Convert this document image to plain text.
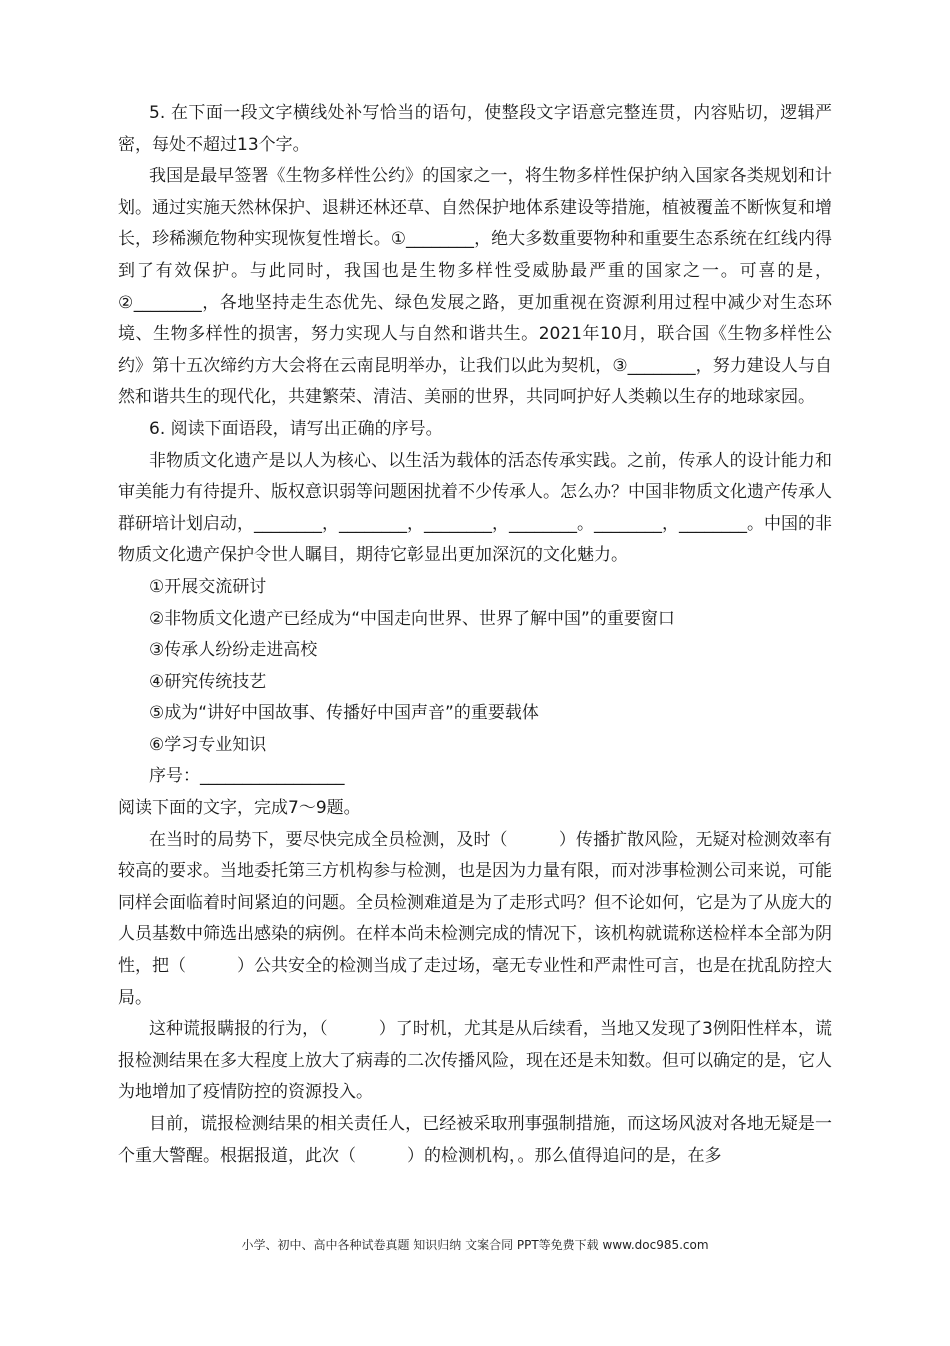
5. 在下面一段文字横线处补写恰当的语句，使整段文字语意完整连贯，内容贴切，逻辑严密，每处不超过13个字。

我国是最早签署《生物多样性公约》的国家之一，将生物多样性保护纳入国家各类规划和计划。通过实施天然林保护、退耕还林还草、自然保护地体系建设等措施，植被覆盖不断恢复和增长，珍稀濒危物种实现恢复性增长。①________，绝大多数重要物种和重要生态系统在红线内得到了有效保护。与此同时，我国也是生物多样性受威胁最严重的国家之一。可喜的是，②________，各地坚持走生态优先、绿色发展之路，更加重视在资源利用过程中减少对生态环境、生物多样性的损害，努力实现人与自然和谐共生。2021年10月，联合国《生物多样性公约》第十五次缔约方大会将在云南昆明举办，让我们以此为契机，③________，努力建设人与自然和谐共生的现代化，共建繁荣、清洁、美丽的世界，共同呵护好人类赖以生存的地球家园。

6. 阅读下面语段，请写出正确的序号。

非物质文化遗产是以人为核心、以生活为载体的活态传承实践。之前，传承人的设计能力和审美能力有待提升、版权意识弱等问题困扰着不少传承人。怎么办？中国非物质文化遗产传承人群研培计划启动，________，________，________，________。________，________。中国的非物质文化遗产保护令世人瞩目，期待它彰显出更加深沉的文化魅力。

①开展交流研讨

②非物质文化遗产已经成为“中国走向世界、世界了解中国”的重要窗口

③传承人纷纷走进高校

④研究传统技艺

⑤成为“讲好中国故事、传播好中国声音”的重要载体

⑥学习专业知识

序号：_________________

阅读下面的文字，完成7～9题。

在当时的局势下，要尽快完成全员检测，及时（　　　）传播扩散风险，无疑对检测效率有较高的要求。当地委托第三方机构参与检测，也是因为力量有限，而对涉事检测公司来说，可能同样会面临着时间紧迫的问题。全员检测难道是为了走形式吗？但不论如何，它是为了从庞大的人员基数中筛选出感染的病例。在样本尚未检测完成的情况下，该机构就谎称送检样本全部为阴性，把（　　　）公共安全的检测当成了走过场，毫无专业性和严肃性可言，也是在扰乱防控大局。

这种谎报瞒报的行为，（　　　）了时机，尤其是从后续看，当地又发现了3例阳性样本，谎报检测结果在多大程度上放大了病毒的二次传播风险，现在还是未知数。但可以确定的是，它人为地增加了疫情防控的资源投入。

目前，谎报检测结果的相关责任人，已经被采取刑事强制措施，而这场风波对各地无疑是一个重大警醒。根据报道，此次（　　　）的检测机构，。那么值得追问的是，在多

小学、初中、高中各种试卷真题 知识归纳 文案合同 PPT等免费下载 www.doc985.com
